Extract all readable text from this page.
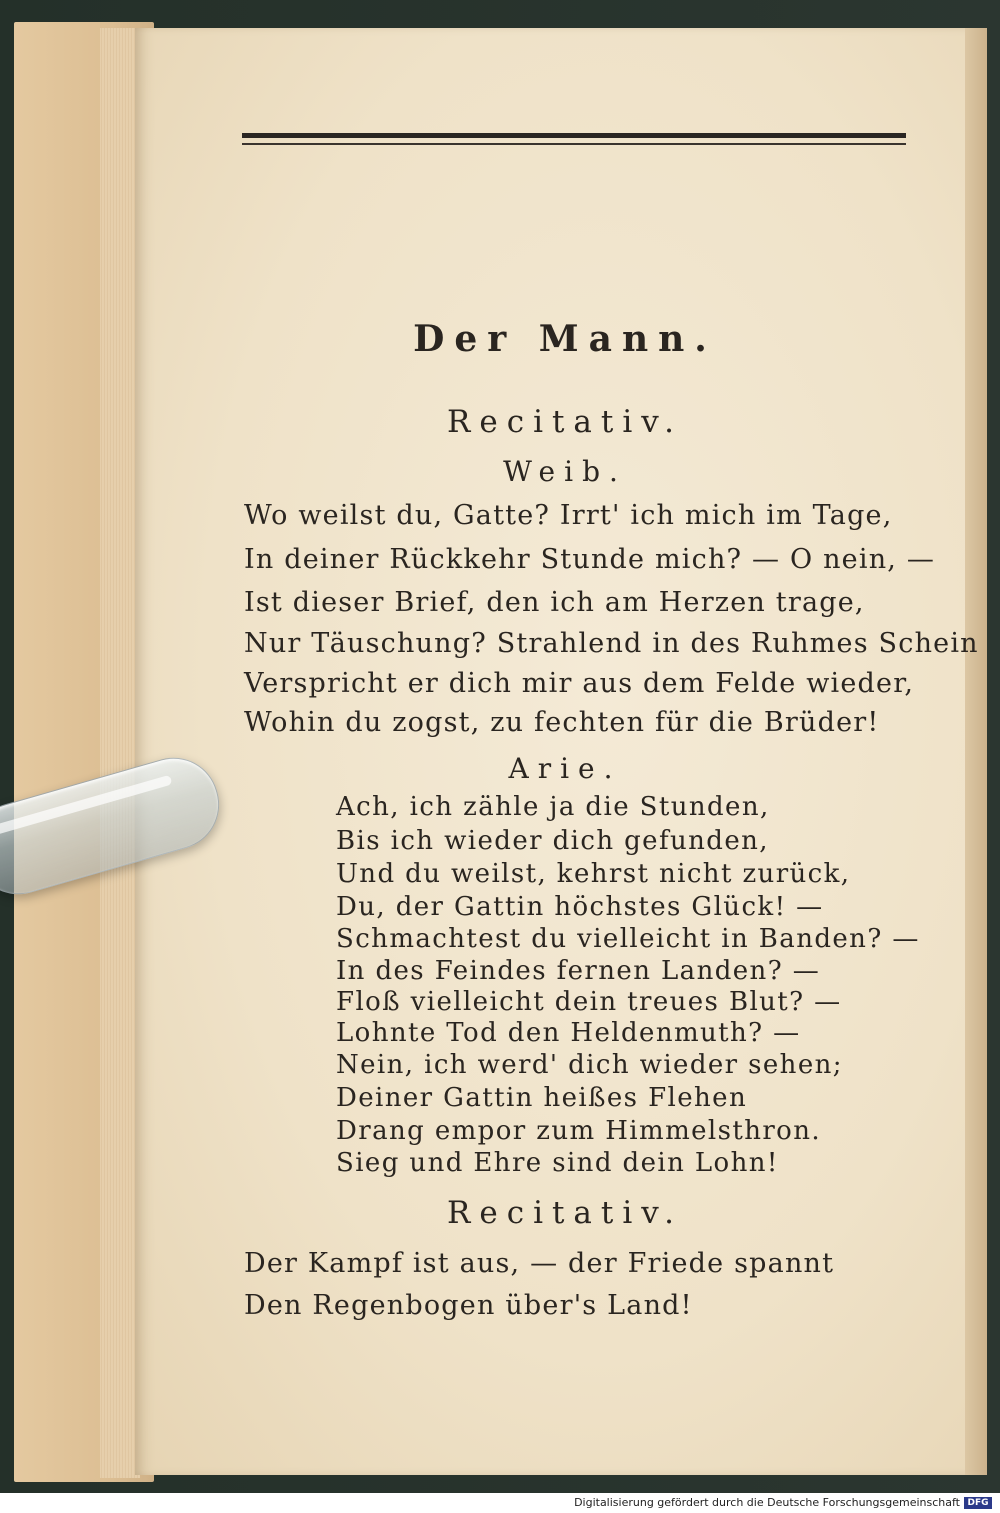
Der Mann.
Recitativ.
Weib.
Wo weilst du, Gatte? Irrt' ich mich im Tage,
In deiner Rückkehr Stunde mich? — O nein, —
Ist dieser Brief, den ich am Herzen trage,
Nur Täuschung? Strahlend in des Ruhmes Schein
Verspricht er dich mir aus dem Felde wieder,
Wohin du zogst, zu fechten für die Brüder!
Arie.
Ach, ich zähle ja die Stunden,
Bis ich wieder dich gefunden,
Und du weilst, kehrst nicht zurück,
Du, der Gattin höchstes Glück! —
Schmachtest du vielleicht in Banden? —
In des Feindes fernen Landen? —
Floß vielleicht dein treues Blut? —
Lohnte Tod den Heldenmuth? —
Nein, ich werd' dich wieder sehen;
Deiner Gattin heißes Flehen
Drang empor zum Himmelsthron.
Sieg und Ehre sind dein Lohn!
Recitativ.
Der Kampf ist aus, — der Friede spannt
Den Regenbogen über's Land!
Digitalisierung gefördert durch die Deutsche Forschungsgemeinschaft DFG
